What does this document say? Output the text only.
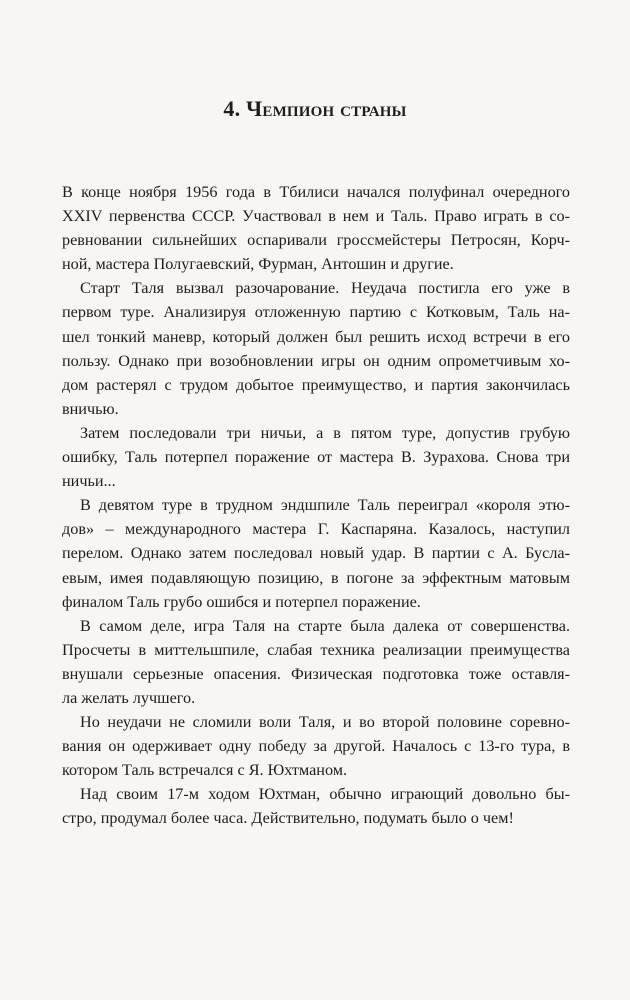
4. Чемпион страны

В конце ноября 1956 года в Тбилиси начался полуфинал очередного
XXIV первенства СССР. Участвовал в нем и Таль. Право играть в со-
ревновании сильнейших оспаривали гроссмейстеры Петросян, Корч-
ной, мастера Полугаевский, Фурман, Антошин и другие.

Старт Таля вызвал разочарование. Неудача постигла его уже в
первом туре. Анализируя отложенную партию с Котковым, Таль на-
шел тонкий маневр, который должен был решить исход встречи в его
пользу. Однако при возобновлении игры он одним опрометчивым хо-
дом растерял с трудом добытое преимущество, и партия закончилась
вничью.

Затем последовали три ничьи, а в пятом туре, допустив грубую
ошибку, Таль потерпел поражение от мастера В. Зурахова. Снова три
ничьи...

В девятом туре в трудном эндшпиле Таль переиграл «короля этю-
дов» – международного мастера Г. Каспаряна. Казалось, наступил
перелом. Однако затем последовал новый удар. В партии с А. Бусла-
евым, имея подавляющую позицию, в погоне за эффектным матовым
финалом Таль грубо ошибся и потерпел поражение.

В самом деле, игра Таля на старте была далека от совершенства.
Просчеты в миттельшпиле, слабая техника реализации преимущества
внушали серьезные опасения. Физическая подготовка тоже оставля-
ла желать лучшего.

Но неудачи не сломили воли Таля, и во второй половине соревно-
вания он одерживает одну победу за другой. Началось с 13-го тура, в
котором Таль встречался с Я. Юхтманом.

Над своим 17-м ходом Юхтман, обычно играющий довольно бы-
стро, продумал более часа. Действительно, подумать было о чем!
